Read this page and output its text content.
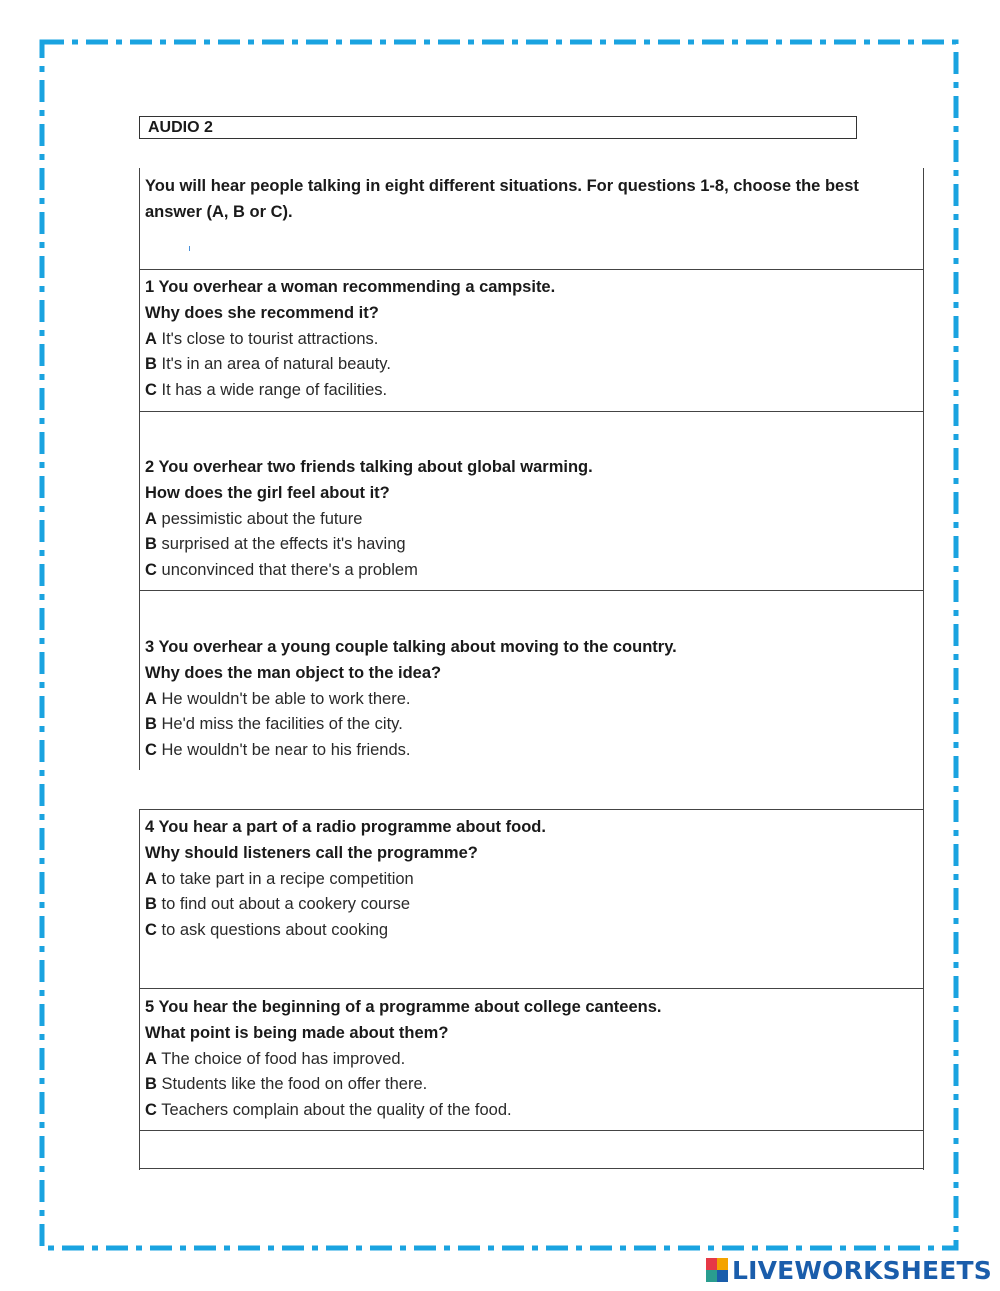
AUDIO 2
You will hear people talking in eight different situations. For questions 1-8, choose the best answer (A, B or C).
1 You overhear a woman recommending a campsite.
Why does she recommend it?
A It's close to tourist attractions.
B It's in an area of natural beauty.
C It has a wide range of facilities.
2 You overhear two friends talking about global warming.
How does the girl feel about it?
A pessimistic about the future
B surprised at the effects it's having
C unconvinced that there's a problem
3 You overhear a young couple talking about moving to the country.
Why does the man object to the idea?
A He wouldn't be able to work there.
B He'd miss the facilities of the city.
C He wouldn't be near to his friends.
4 You hear a part of a radio programme about food.
Why should listeners call the programme?
A to take part in a recipe competition
B to find out about a cookery course
C to ask questions about cooking
5 You hear the beginning of a programme about college canteens.
What point is being made about them?
A The choice of food has improved.
B Students like the food on offer there.
C Teachers complain about the quality of the food.
LIVEWORKSHEETS
